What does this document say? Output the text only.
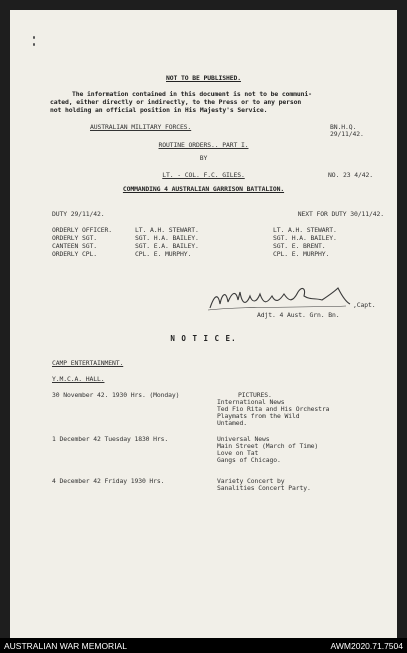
NOT TO BE PUBLISHED.
The information contained in this document is not to be communi-
cated, either directly or indirectly, to the Press or to any person
not holding an official position in His Majesty's Service.
AUSTRALIAN MILITARY FORCES.	BN.H.Q.
29/11/42.
ROUTINE ORDERS.. PART I.
BY
LT. - COL. F.C. GILES.	NO. 23 4/42.
COMMANDING 4 AUSTRALIAN GARRISON BATTALION.
DUTY 29/11/42.	NEXT FOR DUTY 30/11/42.
ORDERLY OFFICER.	LT. A.H. STEWART.	LT. A.H. STEWART.
ORDERLY SGT.	SGT. H.A. BAILEY.	SGT. H.A. BAILEY.
CANTEEN SGT.	SGT. E.A. BAILEY.	SGT. E. BRENT.
ORDERLY CPL.	CPL. E. MURPHY.	CPL. E. MURPHY.
,Capt.
Adjt. 4 Aust. Grn. Bn.
N O T I C E.
CAMP ENTERTAINMENT.
Y.M.C.A. HALL.
30 November 42. 1930 Hrs. (Monday)	PICTURES.
International News
Ted Fio Rita and His Orchestra
Playmats from the Wild
Untamed.
1 December 42 Tuesday 1830 Hrs.	Universal News
Main Street (March of Time)
Love on Tat
Gangs of Chicago.
4 December 42 Friday 1930 Hrs.	Variety Concert by
Sanalities Concert Party.
AUSTRALIAN WAR MEMORIAL	AWM2020.71.7504
